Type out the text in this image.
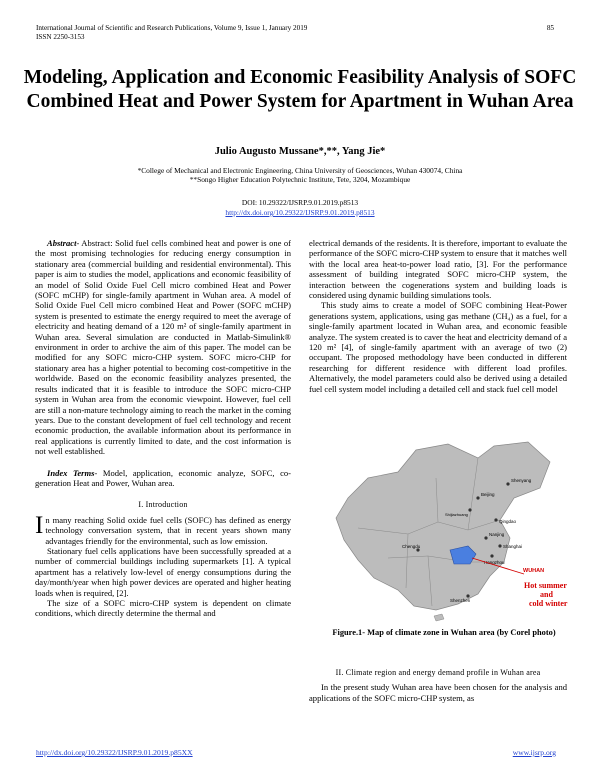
International Journal of Scientific and Research Publications, Volume 9, Issue 1, January 2019
ISSN 2250-3153
85
Modeling, Application and Economic Feasibility Analysis of SOFC Combined Heat and Power System for Apartment in Wuhan Area
Julio Augusto Mussane*,**, Yang Jie*
*College of Mechanical and Electronic Engineering, China University of Geosciences, Wuhan 430074, China
**Songo Higher Education Polytechnic Institute, Tete, 3204, Mozambique
DOI: 10.29322/IJSRP.9.01.2019.p8513
http://dx.doi.org/10.29322/IJSRP.9.01.2019.p8513

Abstract- Abstract: Solid fuel cells combined heat and power is one of the most promising technologies for reducing energy consumption in stationary area (commercial building and residential environmental). This paper is aim to studies the model, applications and economic feasibility of an model of Solid Oxide Fuel Cell micro combined Heat and Power (SOFC mCHP) for single-family apartment in Wuhan area. A model of Solid Oxide Fuel Cell micro combined Heat and Power (SOFC mCHP) system is presented to estimate the energy required to meet the average of electricity and heating demand of a 120 m² of single-family apartment in Wuhan area. Several simulation are conducted in Matlab-Simulink® environment in order to archive the aim of this paper. The model can be modified for any SOFC micro-CHP system. SOFC micro-CHP for stationary area has a higher potential to becoming cost-competitive in the worldwide. Based on the economic feasibility analyzes presented, the results indicated that it is feasible to introduce the SOFC micro-CHP system in Wuhan area from the economic viewpoint. However, fuel cell are still a non-mature technology aiming to reach the market in the coming years. Due to the constant development of fuel cell technology and recent economic production, the available information about its performance in real applications is currently limited to date, and the cost information is not well established.

Index Terms- Model, application, economic analyze, SOFC, co-generation Heat and Power, Wuhan area.

I. Introduction

In many reaching Solid oxide fuel cells (SOFC) has defined as energy technology conversation system, that in recent years shown many advantages friendly for the environmental, such as low emission.

Stationary fuel cells applications have been successfully spreaded at a number of commercial buildings including supermarkets [1]. A typical apartment has a relatively low-level of energy consumptions during the day/month/year when high power devices are operated and higher heating loads when is required, [2].

The size of a SOFC micro-CHP system is dependent on climate conditions, which directly determine the thermal and

electrical demands of the residents. It is therefore, important to evaluate the performance of the SOFC micro-CHP system to ensure that it matches well with the local area heat-to-power load ratio, [3]. For the performance assessment of building integrated SOFC micro-CHP system, the interaction between the cogenerations system and building loads is considered using dynamic building simulations tools.

This study aims to create a model of SOFC combining Heat-Power generations system, applications, using gas methane (CH₄) as a fuel, for a single-family apartment located in Wuhan area, and economic feasible analyze. The system created is to caver the heat and electricity demand of a 120 m² [4], of single-family apartment with an average of two (2) occupant. The proposed methodology have been conducted in different researching for different residence with different load profiles. Alternatively, the model parameters could also be derived using a detailed fuel cell system model including a detailed cell and stack fuel cell model

Beijing
Shenyang
Shijiazhuang
Qingdao
Nanjing
Shanghai
Chengdu
Hangzhou
Shenzhen
WUHAN
Hot summer
and
cold winter
Figure.1- Map of climate zone in Wuhan area (by Corel photo)
II. Climate region and energy demand profile in Wuhan area

In the present study Wuhan area have been chosen for the analysis and applications of the SOFC micro-CHP system, as

http://dx.doi.org/10.29322/IJSRP.9.01.2019.p85XX	www.ijsrp.org
